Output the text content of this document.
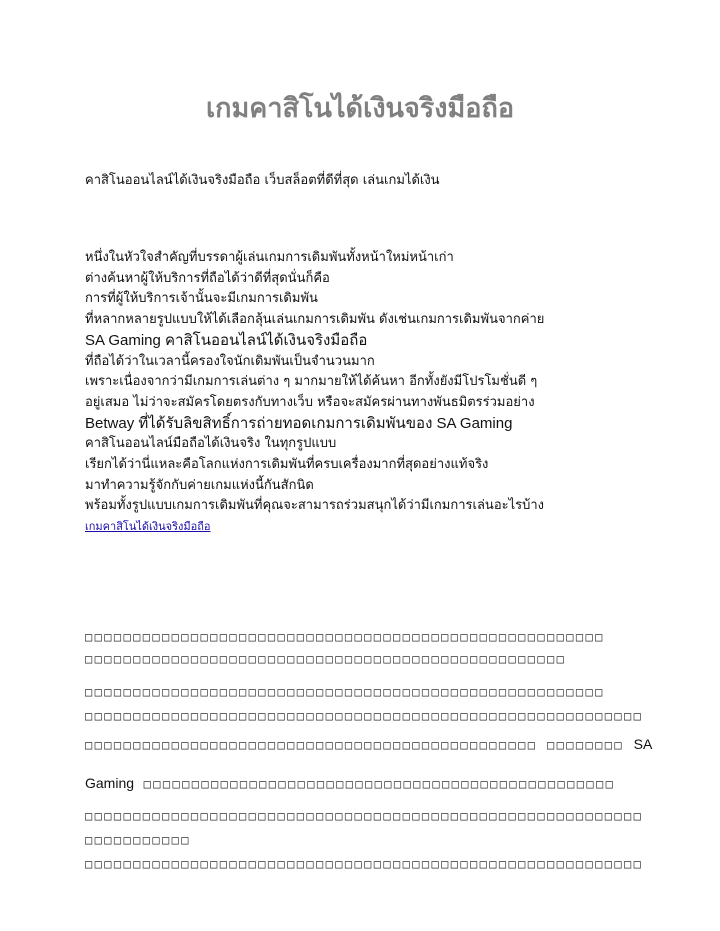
เกมคาสิโนได้เงินจริงมือถือ

คาสิโนออนไลน์ได้เงินจริงมือถือ เว็บสล็อตที่ดีที่สุด เล่นเกมได้เงิน

หนึ่งในหัวใจสำคัญที่บรรดาผู้เล่นเกมการเดิมพันทั้งหน้าใหม่หน้าเก่า
ต่างค้นหาผู้ให้บริการที่ถือได้ว่าดีที่สุดนั่นก็คือ
การที่ผู้ให้บริการเจ้านั้นจะมีเกมการเดิมพัน
ที่หลากหลายรูปแบบให้ได้เลือกลุ้นเล่นเกมการเดิมพัน ดังเช่นเกมการเดิมพันจากค่าย
SA Gaming คาสิโนออนไลน์ได้เงินจริงมือถือ
ที่ถือได้ว่าในเวลานี้ครองใจนักเดิมพันเป็นจำนวนมาก
เพราะเนื่องจากว่ามีเกมการเล่นต่าง ๆ มากมายให้ได้ค้นหา อีกทั้งยังมีโปรโมชั่นดี ๆ
อยู่เสมอ ไม่ว่าจะสมัครโดยตรงกับทางเว็บ หรือจะสมัครผ่านทางพันธมิตรร่วมอย่าง
Betway ที่ได้รับลิขสิทธิ์การถ่ายทอดเกมการเดิมพันของ SA Gaming
คาสิโนออนไลน์มือถือได้เงินจริง ในทุกรูปแบบ
เรียกได้ว่านี่แหละคือโลกแห่งการเดิมพันที่ครบเครื่องมากที่สุดอย่างแท้จริง
มาทำความรู้จักกับค่ายเกมแห่งนี้กันสักนิด
พร้อมทั้งรูปแบบเกมการเดิมพันที่คุณจะสามารถร่วมสนุกได้ว่ามีเกมการเล่นอะไรบ้าง
เกมคาสิโนได้เงินจริงมือถือ
□□□□□□□□□□□□□□□□□□□□□□□□□□□□□□□□□□□□□□□□□□□□□□□□□□□□□□
□□□□□□□□□□□□□□□□□□□□□□□□□□□□□□□□□□□□□□□□□□□□□□□□□□
□□□□□□□□□□□□□□□□□□□□□□□□□□□□□□□□□□□□□□□□□□□□□□□□□□□□□□
□□□□□□□□□□□□□□□□□□□□□□□□□□□□□□□□□□□□□□□□□□□□□□□□□□□□□□□□□□
□□□□□□□□□□□□□□□□□□□□□□□□□□□□□□□□□□□□□□□□□□□□□□□ □□□□□□□□ SA
Gaming □□□□□□□□□□□□□□□□□□□□□□□□□□□□□□□□□□□□□□□□□□□□□□□□□
□□□□□□□□□□□□□□□□□□□□□□□□□□□□□□□□□□□□□□□□□□□□□□□□□□□□□□□□□□
□□□□□□□□□□□
□□□□□□□□□□□□□□□□□□□□□□□□□□□□□□□□□□□□□□□□□□□□□□□□□□□□□□□□□□
